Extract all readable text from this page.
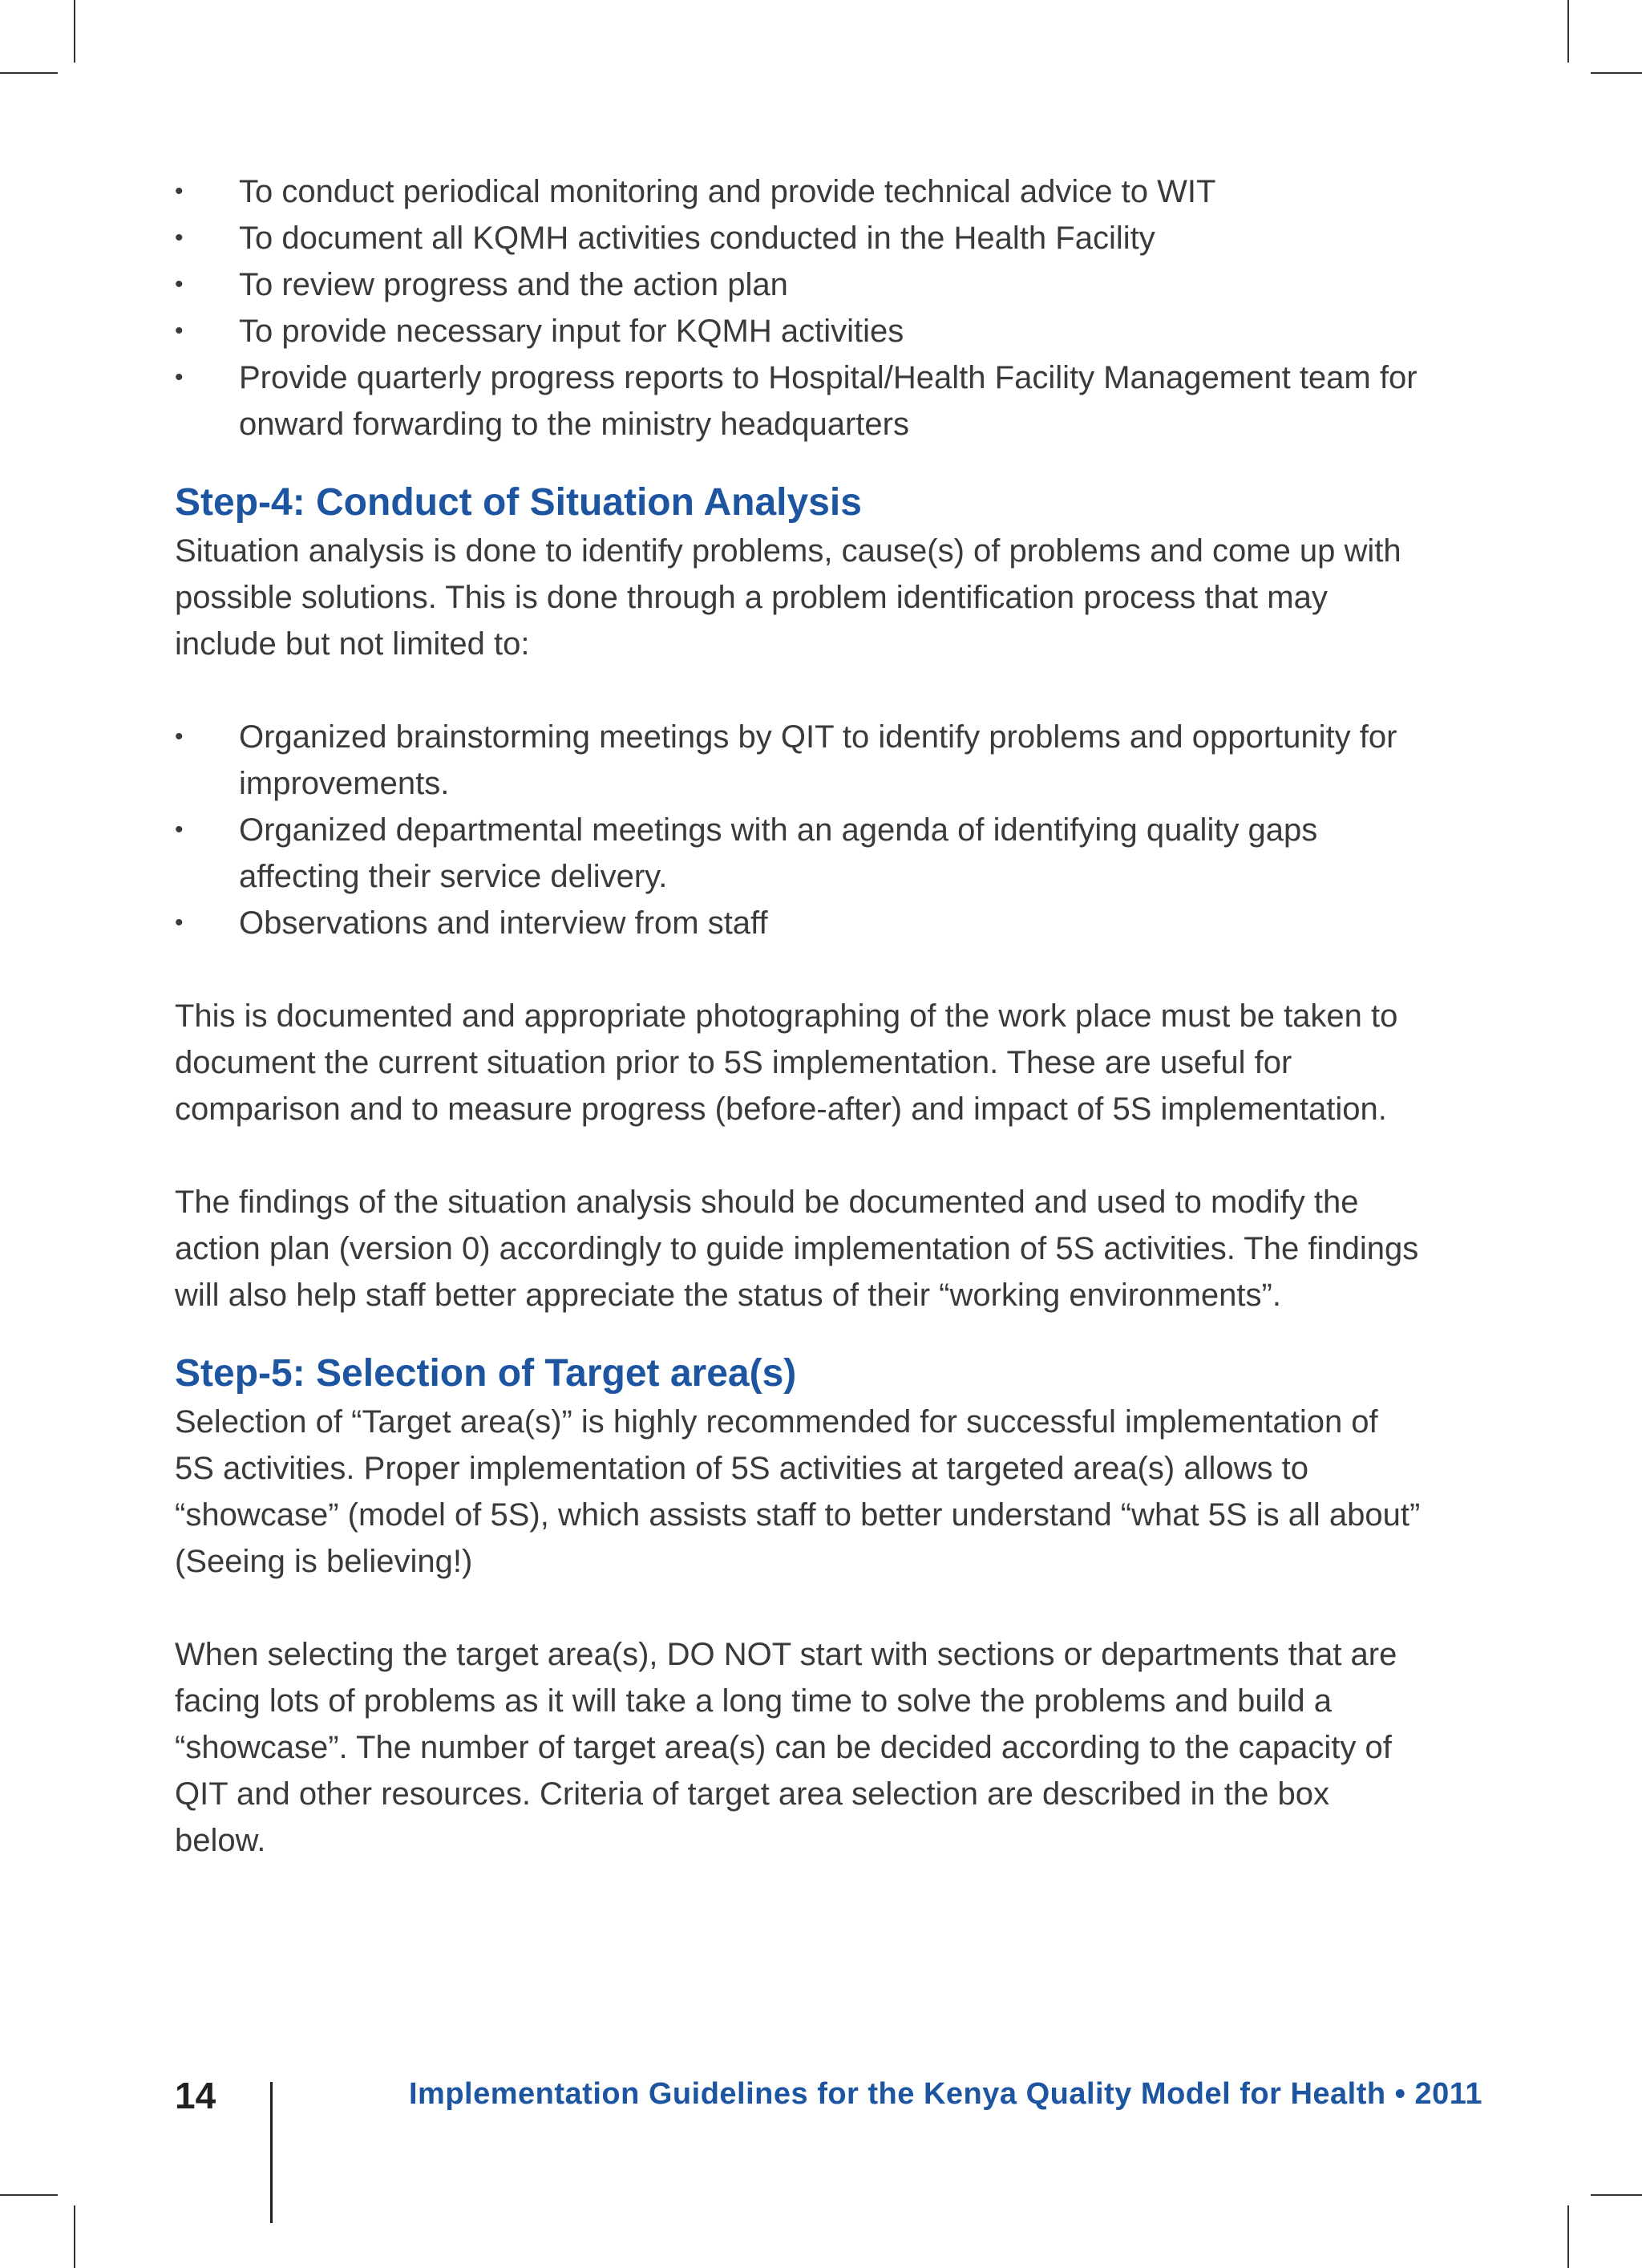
• To conduct periodical monitoring and provide technical advice to WIT
• To document all KQMH activities conducted in the Health Facility
• To review progress and the action plan
• To provide necessary input for KQMH activities
• Provide quarterly progress reports to Hospital/Health Facility Management team for onward forwarding to the ministry headquarters
Step-4: Conduct of Situation Analysis

Situation analysis is done to identify problems, cause(s) of problems and come up with possible solutions. This is done through a problem identification process that may include but not limited to:

• Organized brainstorming meetings by QIT to identify problems and opportunity for improvements.
• Organized departmental meetings with an agenda of identifying quality gaps affecting their service delivery.
• Observations and interview from staff

This is documented and appropriate photographing of the work place must be taken to document the current situation prior to 5S implementation. These are useful for comparison and to measure progress (before-after) and impact of 5S implementation.

The findings of the situation analysis should be documented and used to modify the action plan (version 0) accordingly to guide implementation of 5S activities. The findings will also help staff better appreciate the status of their “working environments”.

Step-5: Selection of Target area(s)

Selection of “Target area(s)” is highly recommended for successful implementation of 5S activities. Proper implementation of 5S activities at targeted area(s) allows to “showcase” (model of 5S), which assists staff to better understand “what 5S is all about” (Seeing is believing!)

When selecting the target area(s), DO NOT start with sections or departments that are facing lots of problems as it will take a long time to solve the problems and build a “showcase”. The number of target area(s) can be decided according to the capacity of QIT and other resources. Criteria of target area selection are described in the box below.

14	Implementation Guidelines for the Kenya Quality Model for Health • 2011
